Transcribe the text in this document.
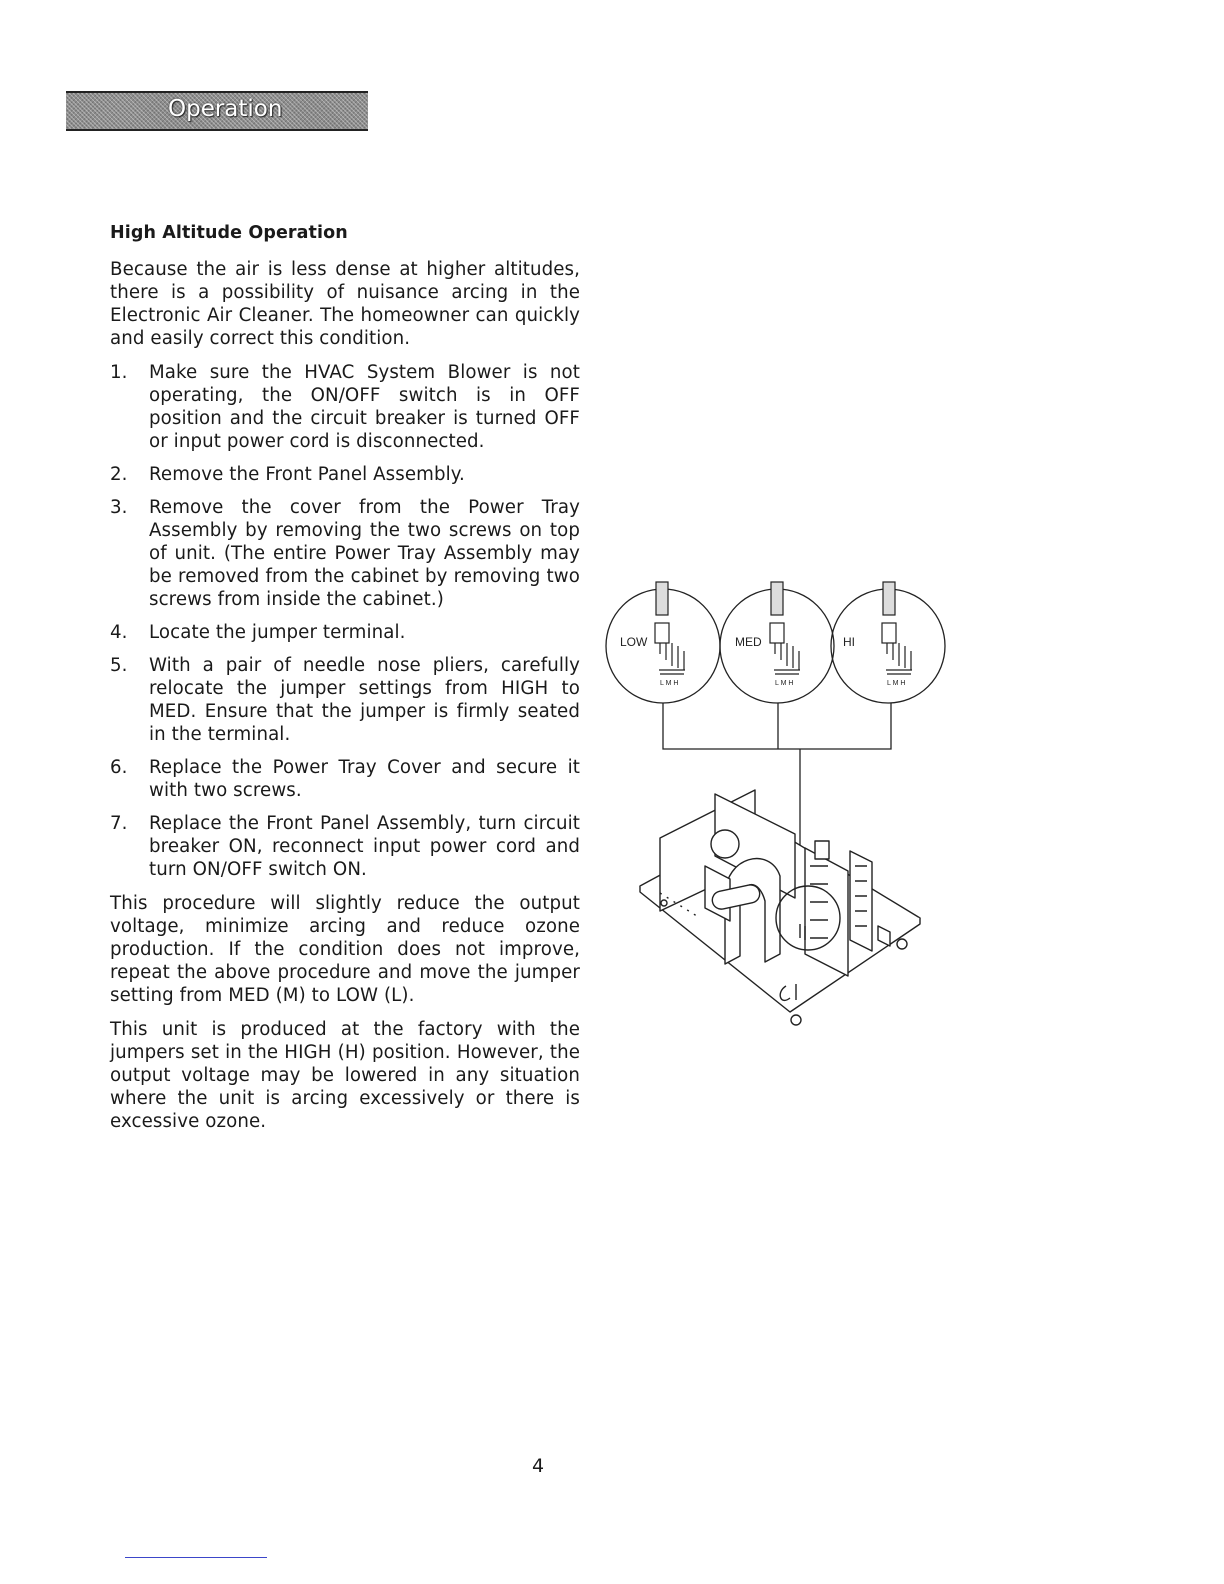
Operation
High Altitude Operation

Because the air is less dense at higher altitudes, there is a possibility of nuisance arcing in the Electronic Air Cleaner. The homeowner can quickly and easily correct this condition.

1.	Make sure the HVAC System Blower is not operating, the ON/OFF switch is in OFF position and the circuit breaker is turned OFF or input power cord is disconnected.
2.	Remove the Front Panel Assembly.
3.	Remove the cover from the Power Tray Assembly by removing the two screws on top of unit. (The entire Power Tray Assembly may be removed from the cabinet by removing two screws from inside the cabinet.)
4.	Locate the jumper terminal.
5.	With a pair of needle nose pliers, carefully relocate the jumper settings from HIGH to MED. Ensure that the jumper is firmly seated in the terminal.
6.	Replace the Power Tray Cover and secure it with two screws.
7.	Replace the Front Panel Assembly, turn circuit breaker ON, reconnect input power cord and turn ON/OFF switch ON.

This procedure will slightly reduce the output voltage, minimize arcing and reduce ozone production. If the condition does not improve, repeat the above procedure and move the jumper setting from MED (M) to LOW (L).

This unit is produced at the factory with the jumpers set in the HIGH (H) position. However, the output voltage may be lowered in any situation where the unit is arcing excessively or there is excessive ozone.

LOW	MED	HI
L M H	L M H	L M H
4
